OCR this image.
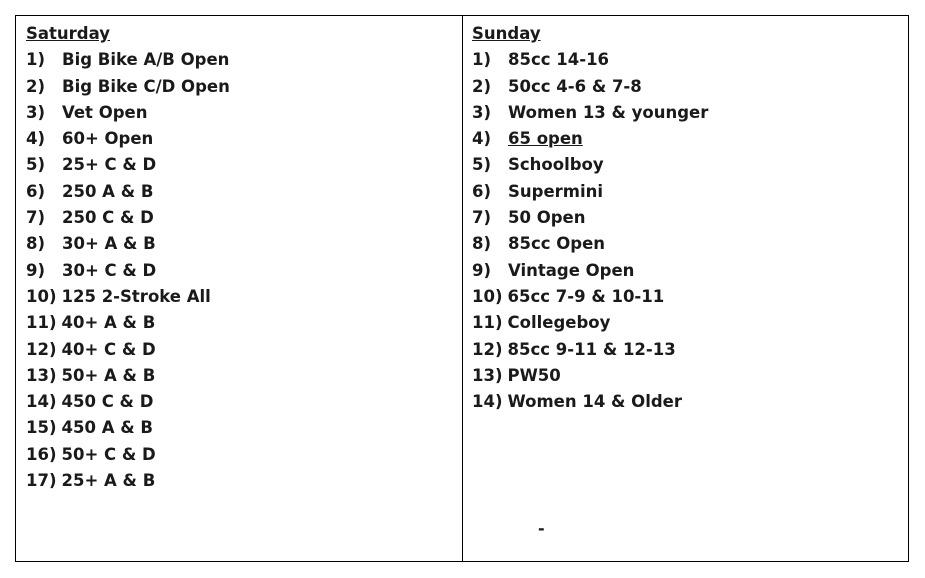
Saturday
1)	Big Bike A/B Open
2)	Big Bike C/D Open
3)	Vet Open
4)	60+ Open
5)	25+ C & D
6)	250 A & B
7)	250 C & D
8)	30+ A & B
9)	30+ C & D
10) 125 2-Stroke All
11) 40+ A & B
12) 40+ C & D
13) 50+ A & B
14) 450 C & D
15) 450 A & B
16) 50+ C & D
17) 25+ A & B
Sunday
1)	85cc 14-16
2)	50cc 4-6 & 7-8
3)	Women 13 & younger
4)	65 open
5)	Schoolboy
6)	Supermini
7)	50 Open
8)	85cc Open
9)	Vintage Open
10) 65cc 7-9 & 10-11
11) Collegeboy
12) 85cc 9-11 & 12-13
13) PW50
14) Women 14 & Older
-
